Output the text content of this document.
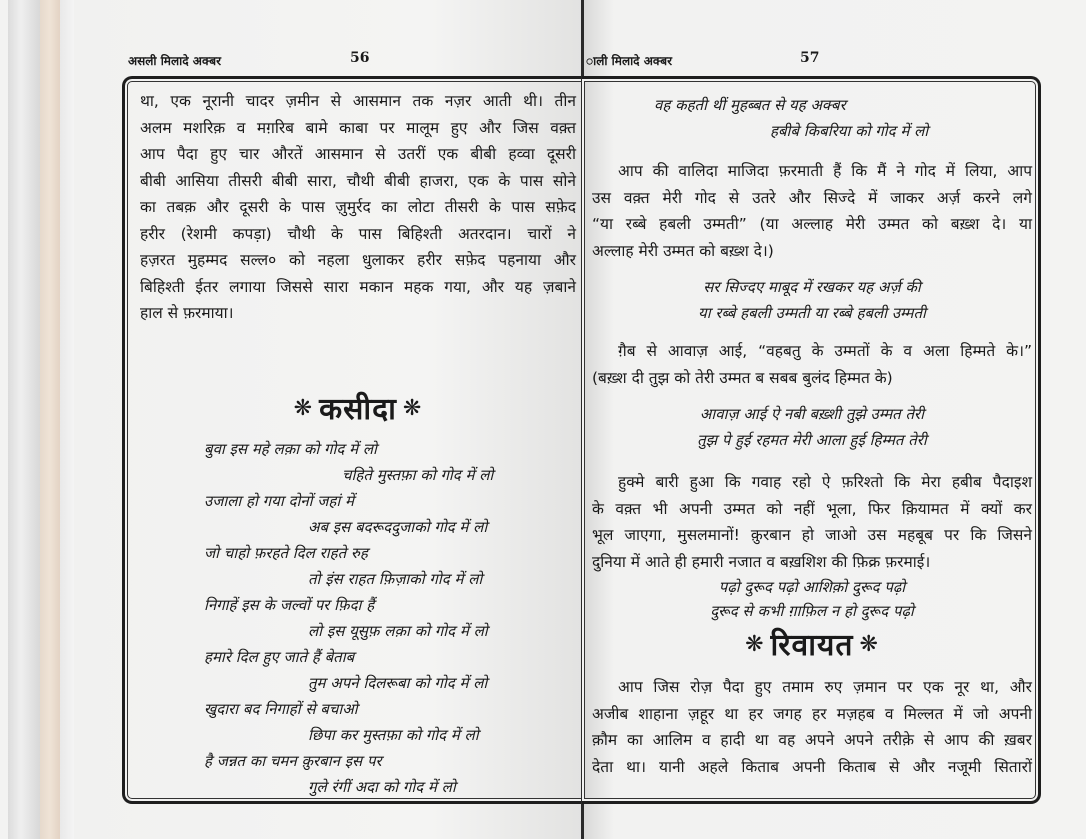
असली मिलादे अक्बर	56

था, एक नूरानी चादर ज़मीन से आसमान तक नज़र आती थी। तीन
अलम मशरिक़ व मग़रिब बामे काबा पर मालूम हुए और जिस वक़्त
आप पैदा हुए चार औरतें आसमान से उतरीं एक बीबी हव्वा दूसरी
बीबी आसिया तीसरी बीबी सारा, चौथी बीबी हाजरा, एक के पास सोने
का तबक़ और दूसरी के पास ज़ुमुर्रद का लोटा तीसरी के पास सफ़ेद
हरीर (रेशमी कपड़ा) चौथी के पास बिहिश्ती अतरदान। चारों ने
हज़रत मुहम्मद सल्ल० को नहला धुलाकर हरीर सफ़ेद पहनाया और
बिहिश्ती ईतर लगाया जिससे सारा मकान महक गया, और यह ज़बाने
हाल से फ़रमाया।

❋ कसीदा ❋
बुवा इस महे लक़ा को गोद में लो
चहिते मुस्तफ़ा को गोद में लो
उजाला हो गया दोनों जहां में
अब इस बदरूददुजाको गोद में लो
जो चाहो फ़रहते दिल राहते रुह
तो इंस राहत फ़िज़ाको गोद में लो
निगाहें इस के जल्वों पर फ़िदा हैं
लो इस यूसुफ़ लक़ा को गोद में लो
हमारे दिल हुए जाते हैं बेताब
तुम अपने दिलरूबा को गोद में लो
खुदारा बद निगाहों से बचाओ
छिपा कर मुस्तफ़ा को गोद में लो
है जन्नत का चमन क़ुरबान इस पर
गुले रंगीं अदा को गोद में लो
ाली मिलादे अक्बर	57
वह कहती थीं मुहब्बत से यह अक्बर
हबीबे किबरिया को गोद में लो

आप की वालिदा माजिदा फ़रमाती हैं कि मैं ने गोद में लिया, आप
उस वक़्त मेरी गोद से उतरे और सिज्दे में जाकर अर्ज़ करने लगे
“या रब्बे हबली उम्मती” (या अल्लाह मेरी उम्मत को बख़्श दे। या
अल्लाह मेरी उम्मत को बख़्श दे।)

सर सिज्दए माबूद में रखकर यह अर्ज़ की
या रब्बे हबली उम्मती या रब्बे हबली उम्मती

ग़ैब से आवाज़ आई, “वहबतु के उम्मतों के व अला हिम्मते के।”
(बख़्श दी तुझ को तेरी उम्मत ब सबब बुलंद हिम्मत के)

आवाज़ आई ऐ नबी बख़्शी तुझे उम्मत तेरी
तुझ पे हुई रहमत मेरी आला हुई हिम्मत तेरी

हुक्मे बारी हुआ कि गवाह रहो ऐ फ़रिश्तो कि मेरा हबीब पैदाइश
के वक़्त भी अपनी उम्मत को नहीं भूला, फिर क़ियामत में क्यों कर
भूल जाएगा, मुसलमानों! क़ुरबान हो जाओ उस महबूब पर कि जिसने
दुनिया में आते ही हमारी नजात व बख़शिश की फ़िक्र फ़रमाई।

पढ़ो दुरूद पढ़ो आशिक़ो दुरूद पढ़ो
दुरूद से कभी ग़ाफ़िल न हो दुरूद पढ़ो
❋ रिवायत ❋

आप जिस रोज़ पैदा हुए तमाम रुए ज़मान पर एक नूर था, और
अजीब शाहाना ज़हूर था हर जगह हर मज़हब व मिल्लत में जो अपनी
क़ौम का आलिम व हादी था वह अपने अपने तरीक़े से आप की ख़बर
देता था। यानी अहले किताब अपनी किताब से और नजूमी सितारों
